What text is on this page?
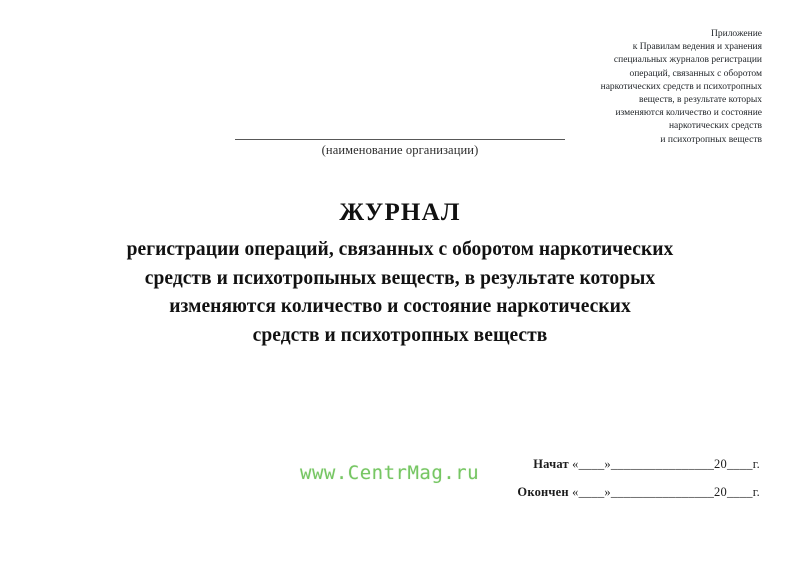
Приложение
к Правилам ведения и хранения
специальных журналов регистрации
операций, связанных с оборотом
наркотических средств и психотропных
веществ, в результате которых
изменяются количество и состояние
наркотических средств
и психотропных веществ
(наименование организации)
ЖУРНАЛ
регистрации операций, связанных с оборотом наркотических
средств и психотропыных веществ, в результате которых
изменяются количество и состояние наркотических
средств и психотропных веществ
www.CentrMag.ru	Начат «____»________________20____г.
Окончен «____»________________20____г.
